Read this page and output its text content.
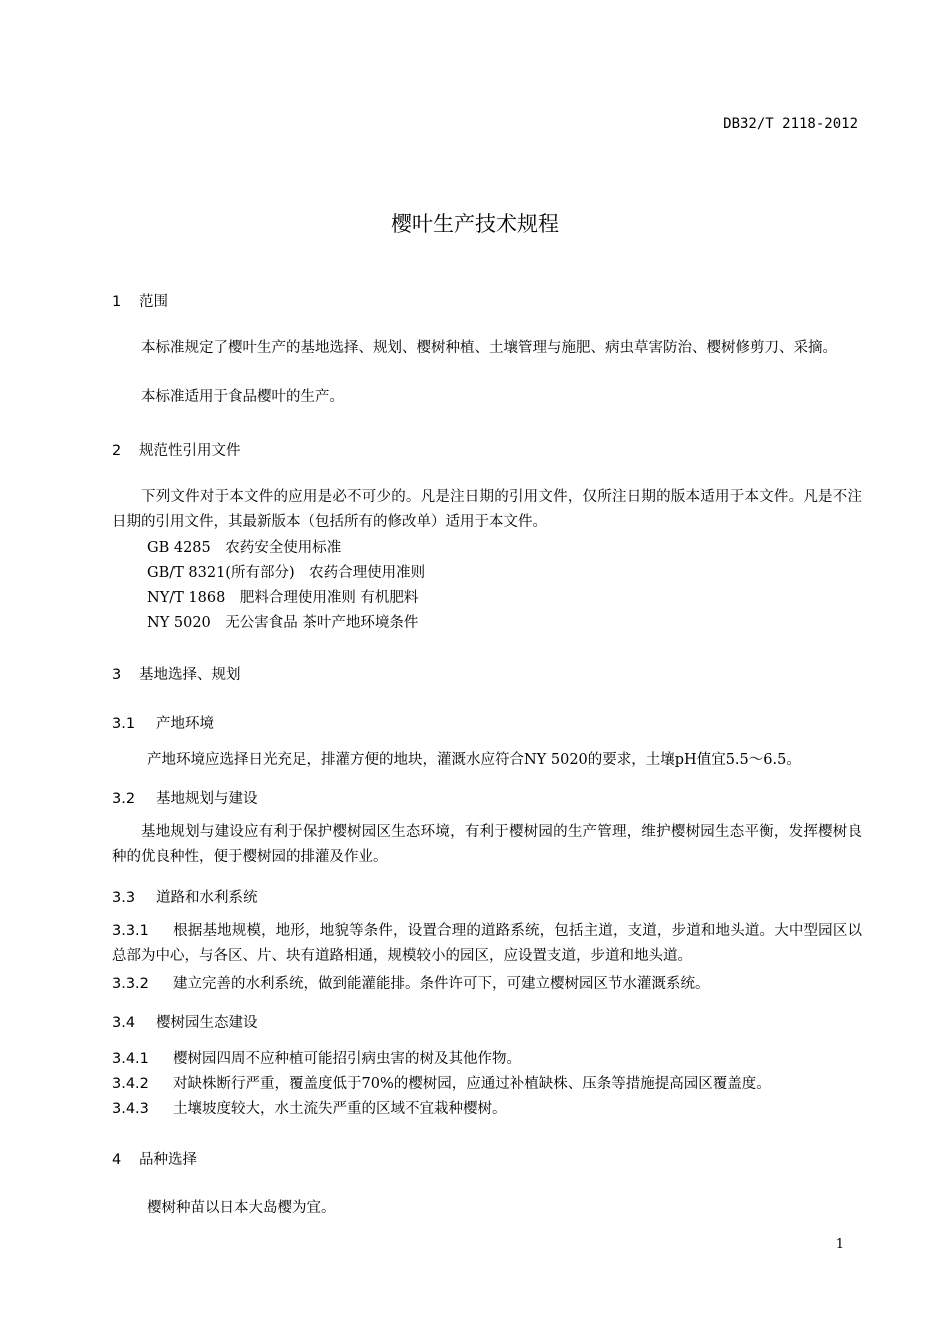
DB32/T 2118-2012
樱叶生产技术规程
1 范围
本标准规定了樱叶生产的基地选择、规划、樱树种植、土壤管理与施肥、病虫草害防治、樱树修剪刀、采摘。
本标准适用于食品樱叶的生产。
2 规范性引用文件
下列文件对于本文件的应用是必不可少的。凡是注日期的引用文件，仅所注日期的版本适用于本文件。凡是不注日期的引用文件，其最新版本（包括所有的修改单）适用于本文件。
GB 4285　农药安全使用标准
GB/T 8321(所有部分)　农药合理使用准则
NY/T 1868　肥料合理使用准则 有机肥料
NY 5020　无公害食品 茶叶产地环境条件
3 基地选择、规划
3.1 产地环境
产地环境应选择日光充足，排灌方便的地块，灌溉水应符合NY 5020的要求，土壤pH值宜5.5～6.5。
3.2 基地规划与建设
基地规划与建设应有利于保护樱树园区生态环境，有利于樱树园的生产管理，维护樱树园生态平衡，发挥樱树良种的优良种性，便于樱树园的排灌及作业。
3.3 道路和水利系统
3.3.1 根据基地规模，地形，地貌等条件，设置合理的道路系统，包括主道，支道，步道和地头道。大中型园区以总部为中心，与各区、片、块有道路相通，规模较小的园区，应设置支道，步道和地头道。
3.3.2 建立完善的水利系统，做到能灌能排。条件许可下，可建立樱树园区节水灌溉系统。
3.4 樱树园生态建设
3.4.1 樱树园四周不应种植可能招引病虫害的树及其他作物。
3.4.2 对缺株断行严重，覆盖度低于70%的樱树园，应通过补植缺株、压条等措施提高园区覆盖度。
3.4.3 土壤坡度较大，水土流失严重的区域不宜栽种樱树。
4 品种选择
樱树种苗以日本大岛樱为宜。
1
